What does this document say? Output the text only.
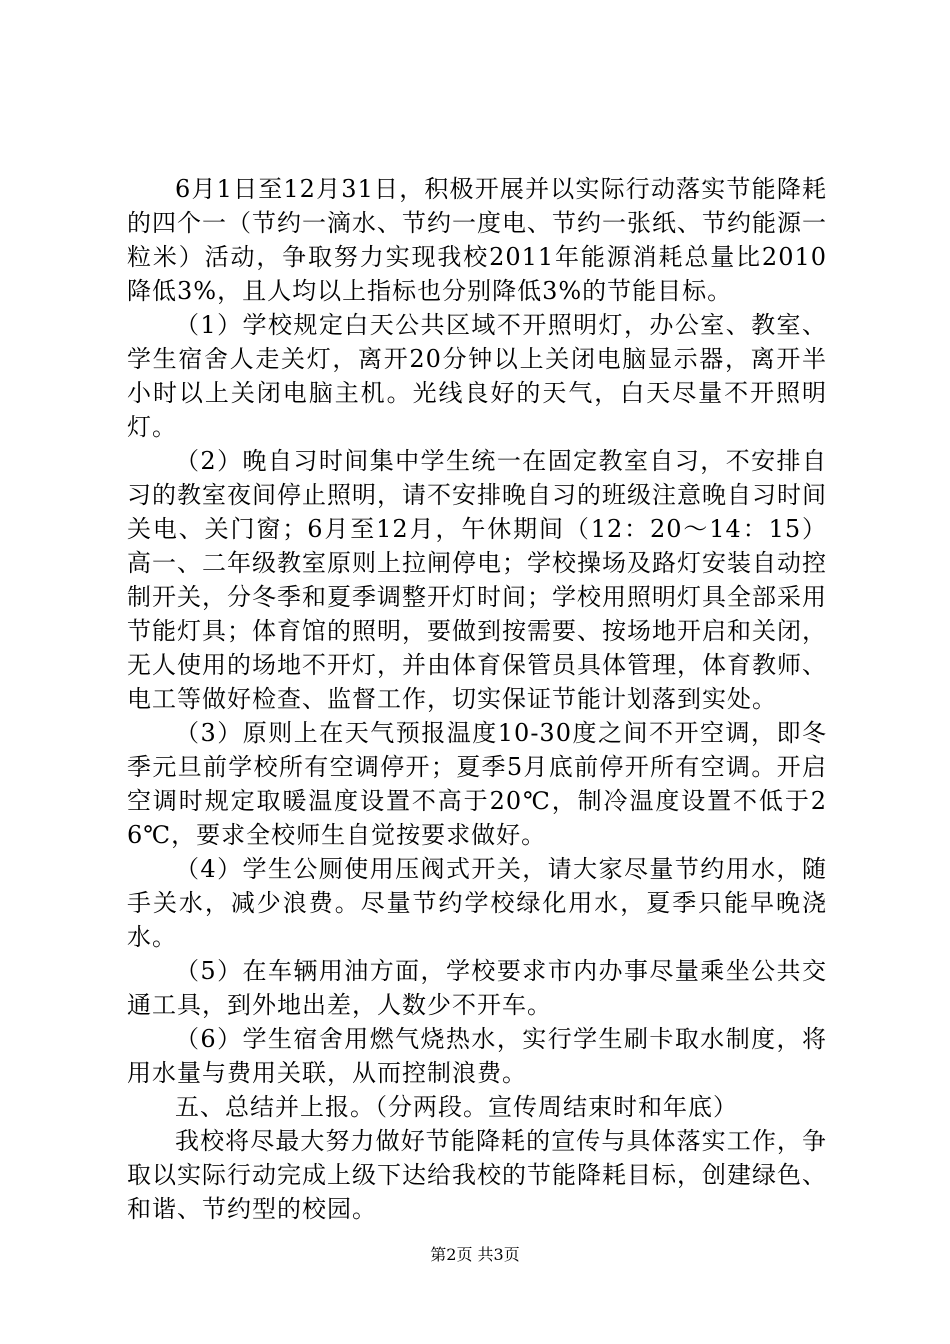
6月1日至12月31日，积极开展并以实际行动落实节能降耗的四个一（节约一滴水、节约一度电、节约一张纸、节约能源一粒米）活动，争取努力实现我校2011年能源消耗总量比2010降低3%，且人均以上指标也分别降低3%的节能目标。

（1）学校规定白天公共区域不开照明灯，办公室、教室、学生宿舍人走关灯，离开20分钟以上关闭电脑显示器，离开半小时以上关闭电脑主机。光线良好的天气，白天尽量不开照明灯。

（2）晚自习时间集中学生统一在固定教室自习，不安排自习的教室夜间停止照明，请不安排晚自习的班级注意晚自习时间关电、关门窗；6月至12月，午休期间（12：20～14：15）高一、二年级教室原则上拉闸停电；学校操场及路灯安装自动控制开关，分冬季和夏季调整开灯时间；学校用照明灯具全部采用节能灯具；体育馆的照明，要做到按需要、按场地开启和关闭，无人使用的场地不开灯，并由体育保管员具体管理，体育教师、电工等做好检查、监督工作，切实保证节能计划落到实处。

（3）原则上在天气预报温度10-30度之间不开空调，即冬季元旦前学校所有空调停开；夏季5月底前停开所有空调。开启空调时规定取暖温度设置不高于20℃，制冷温度设置不低于26℃，要求全校师生自觉按要求做好。

（4）学生公厕使用压阀式开关，请大家尽量节约用水，随手关水，减少浪费。尽量节约学校绿化用水，夏季只能早晚浇水。

（5）在车辆用油方面，学校要求市内办事尽量乘坐公共交通工具，到外地出差，人数少不开车。

（6）学生宿舍用燃气烧热水，实行学生刷卡取水制度，将用水量与费用关联，从而控制浪费。

五、总结并上报。（分两段。宣传周结束时和年底）

我校将尽最大努力做好节能降耗的宣传与具体落实工作，争取以实际行动完成上级下达给我校的节能降耗目标，创建绿色、和谐、节约型的校园。

第2页 共3页
